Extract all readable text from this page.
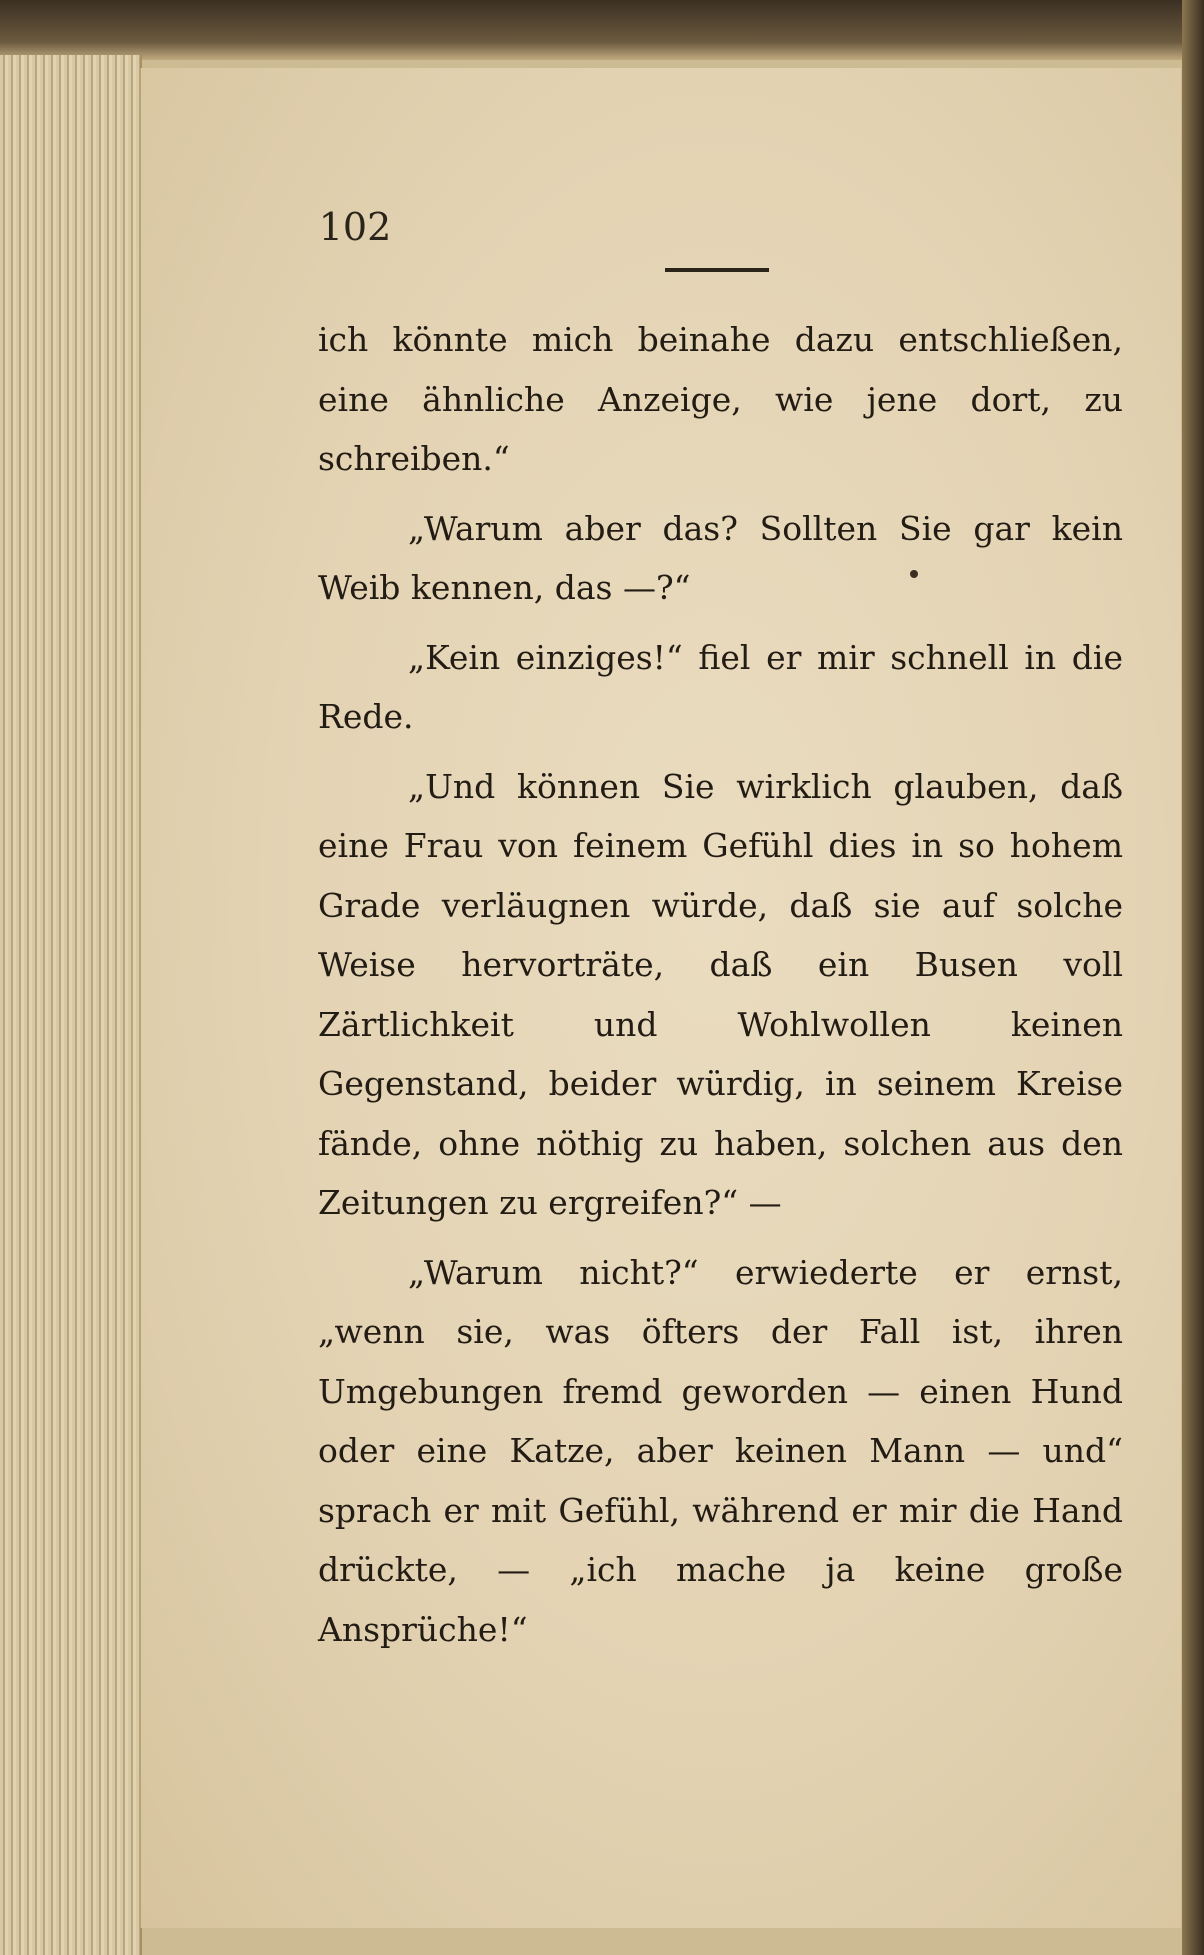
102

ich könnte mich beinahe dazu entschließen, eine ähnliche Anzeige, wie jene dort, zu schreiben.“

„Warum aber das? Sollten Sie gar kein Weib kennen, das —?“

„Kein einziges!“ fiel er mir schnell in die Rede.

„Und können Sie wirklich glauben, daß eine Frau von feinem Gefühl dies in so hohem Grade verläugnen würde, daß sie auf solche Weise hervorträte, daß ein Busen voll Zärtlichkeit und Wohlwollen keinen Gegenstand, beider würdig, in seinem Kreise fände, ohne nöthig zu haben, solchen aus den Zeitungen zu ergreifen?“ —

„Warum nicht?“ erwiederte er ernst, „wenn sie, was öfters der Fall ist, ihren Umgebungen fremd geworden — einen Hund oder eine Katze, aber keinen Mann — und“ sprach er mit Gefühl, während er mir die Hand drückte, — „ich mache ja keine große Ansprüche!“
